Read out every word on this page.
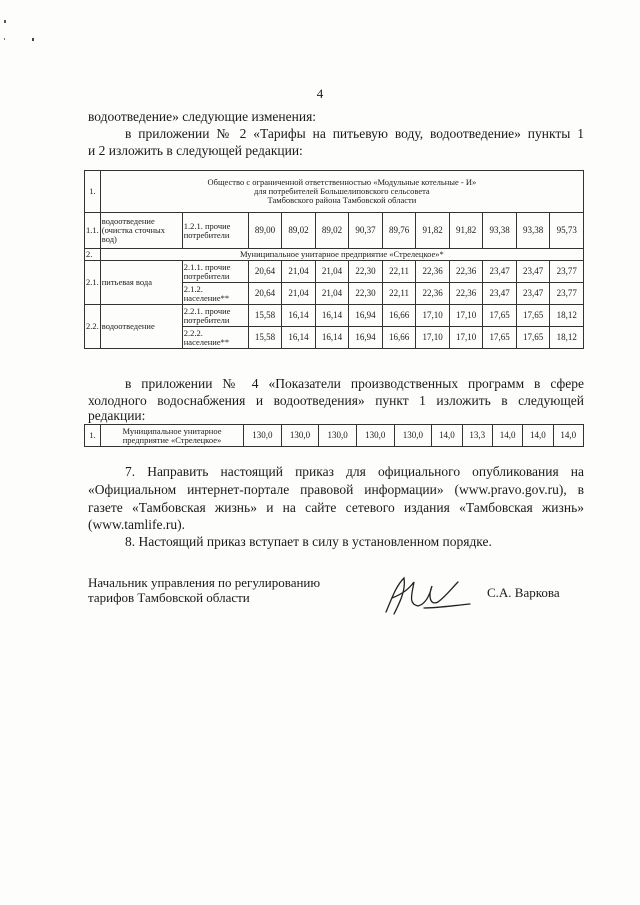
4
водоотведение» следующие изменения:
в приложении № 2 «Тарифы на питьевую воду, водоотведение» пункты 1
и 2 изложить в следующей редакции:
1.	Общество с ограниченной ответственностью «Модульные котельные - И»
для потребителей Большелиповского сельсовета
Тамбовского района Тамбовской области											

1.1.	водоотведение (очистка сточных вод)	1.2.1. прочие потребители	89,00	89,02	89,02	90,37	89,76	91,82	91,82	93,38	93,38	95,73
2.	Муниципальное унитарное предприятие «Стрелецкое»*											
2.1.	питьевая вода	2.1.1. прочие потребители	20,64	21,04	21,04	22,30	22,11	22,36	22,36	23,47	23,47	23,77
		2.1.2. население**	20,64	21,04	21,04	22,30	22,11	22,36	22,36	23,47	23,47	23,77
2.2.	водоотведение	2.2.1. прочие потребители	15,58	16,14	16,14	16,94	16,66	17,10	17,10	17,65	17,65	18,12
		2.2.2. население**	15,58	16,14	16,14	16,94	16,66	17,10	17,10	17,65	17,65	18,12
в приложении № 4 «Показатели производственных программ в сфере
холодного водоснабжения и водоотведения» пункт 1 изложить в следующей
редакции:
1.	Муниципальное унитарное предприятие «Стрелецкое»	130,0	130,0	130,0	130,0	130,0	14,0	13,3	14,0	14,0	14,0
7. Направить настоящий приказ для официального опубликования на
«Официальном интернет-портале правовой информации» (www.pravo.gov.ru), в
газете «Тамбовская жизнь» и на сайте сетевого издания «Тамбовская жизнь»
(www.tamlife.ru).
8. Настоящий приказ вступает в силу в установленном порядке.
Начальник управления по регулированию
тарифов Тамбовской области	С.А. Варкова
